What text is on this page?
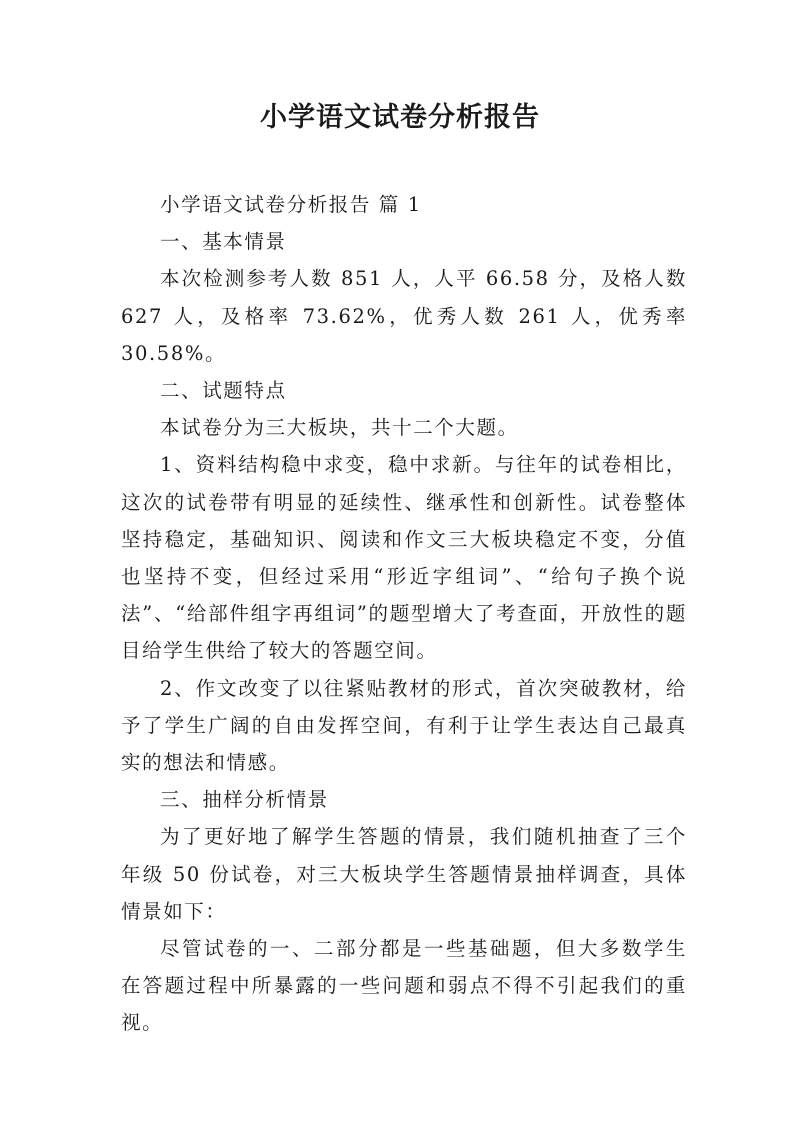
小学语文试卷分析报告

小学语文试卷分析报告 篇 1

一、基本情景

本次检测参考人数 851 人，人平 66.58 分，及格人数 627 人，及格率 73.62%，优秀人数 261 人，优秀率 30.58%。

二、试题特点

本试卷分为三大板块，共十二个大题。

1、资料结构稳中求变，稳中求新。与往年的试卷相比，这次的试卷带有明显的延续性、继承性和创新性。试卷整体坚持稳定，基础知识、阅读和作文三大板块稳定不变，分值也坚持不变，但经过采用“形近字组词”、“给句子换个说法”、“给部件组字再组词”的题型增大了考查面，开放性的题目给学生供给了较大的答题空间。

2、作文改变了以往紧贴教材的形式，首次突破教材，给予了学生广阔的自由发挥空间，有利于让学生表达自己最真实的想法和情感。

三、抽样分析情景

为了更好地了解学生答题的情景，我们随机抽查了三个年级 50 份试卷，对三大板块学生答题情景抽样调查，具体情景如下：

尽管试卷的一、二部分都是一些基础题，但大多数学生在答题过程中所暴露的一些问题和弱点不得不引起我们的重视。
